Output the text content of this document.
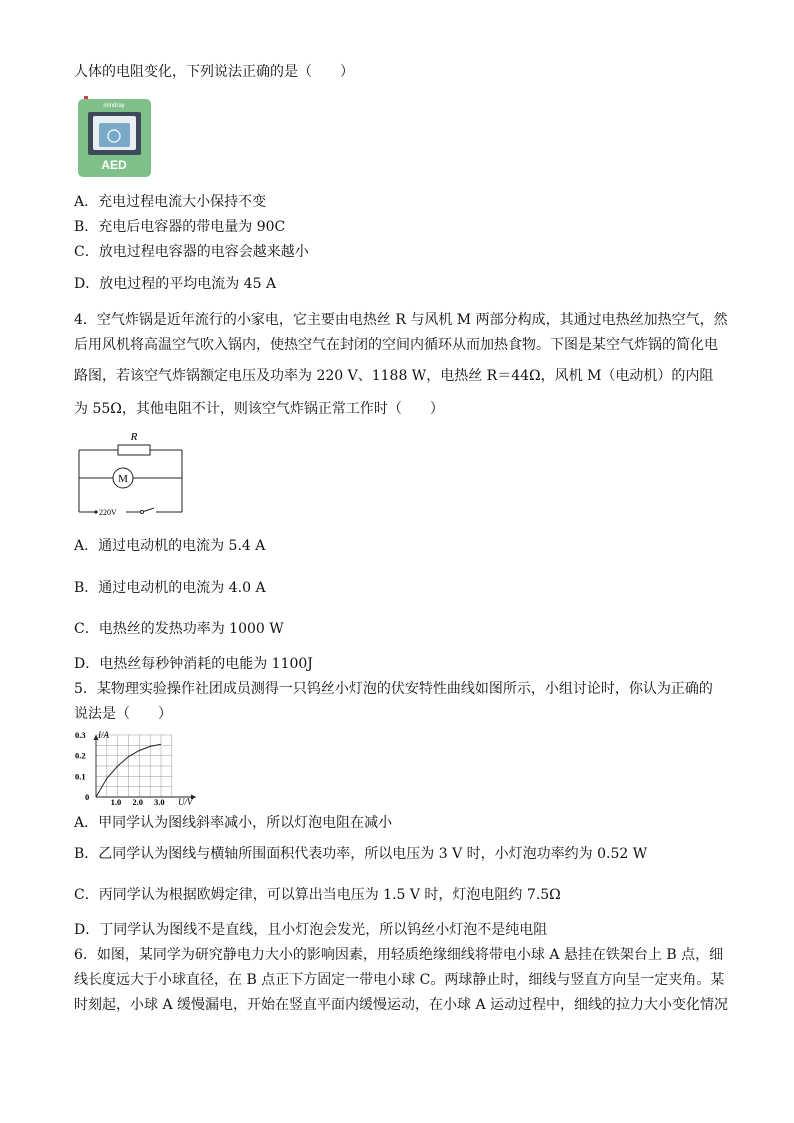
人体的电阻变化，下列说法正确的是（　　）
mindray
AED
A．充电过程电流大小保持不变
B．充电后电容器的带电量为 90C
C．放电过程电容器的电容会越来越小
D．放电过程的平均电流为 45 A
4．空气炸锅是近年流行的小家电，它主要由电热丝 R 与风机 M 两部分构成，其通过电热丝加热空气，然
后用风机将高温空气吹入锅内，使热空气在封闭的空间内循环从而加热食物。下图是某空气炸锅的简化电
路图，若该空气炸锅额定电压及功率为 220 V、1188 W，电热丝 R＝44Ω，风机 M（电动机）的内阻
为 55Ω，其他电阻不计，则该空气炸锅正常工作时（　　）
R
M
220V
A．通过电动机的电流为 5.4 A
B．通过电动机的电流为 4.0 A
C．电热丝的发热功率为 1000 W
D．电热丝每秒钟消耗的电能为 1100J
5．某物理实验操作社团成员测得一只钨丝小灯泡的伏安特性曲线如图所示，小组讨论时，你认为正确的
说法是（　　）
0.3
0.2
0.1
1.0 2.0 3.0
I/A
U/V
0
A．甲同学认为图线斜率减小，所以灯泡电阻在减小
B．乙同学认为图线与横轴所围面积代表功率，所以电压为 3 V 时，小灯泡功率约为 0.52 W
C．丙同学认为根据欧姆定律，可以算出当电压为 1.5 V 时，灯泡电阻约 7.5Ω
D．丁同学认为图线不是直线，且小灯泡会发光，所以钨丝小灯泡不是纯电阻
6．如图，某同学为研究静电力大小的影响因素，用轻质绝缘细线将带电小球 A 悬挂在铁架台上 B 点，细
线长度远大于小球直径，在 B 点正下方固定一带电小球 C。两球静止时，细线与竖直方向呈一定夹角。某
时刻起，小球 A 缓慢漏电，开始在竖直平面内缓慢运动，在小球 A 运动过程中，细线的拉力大小变化情况
